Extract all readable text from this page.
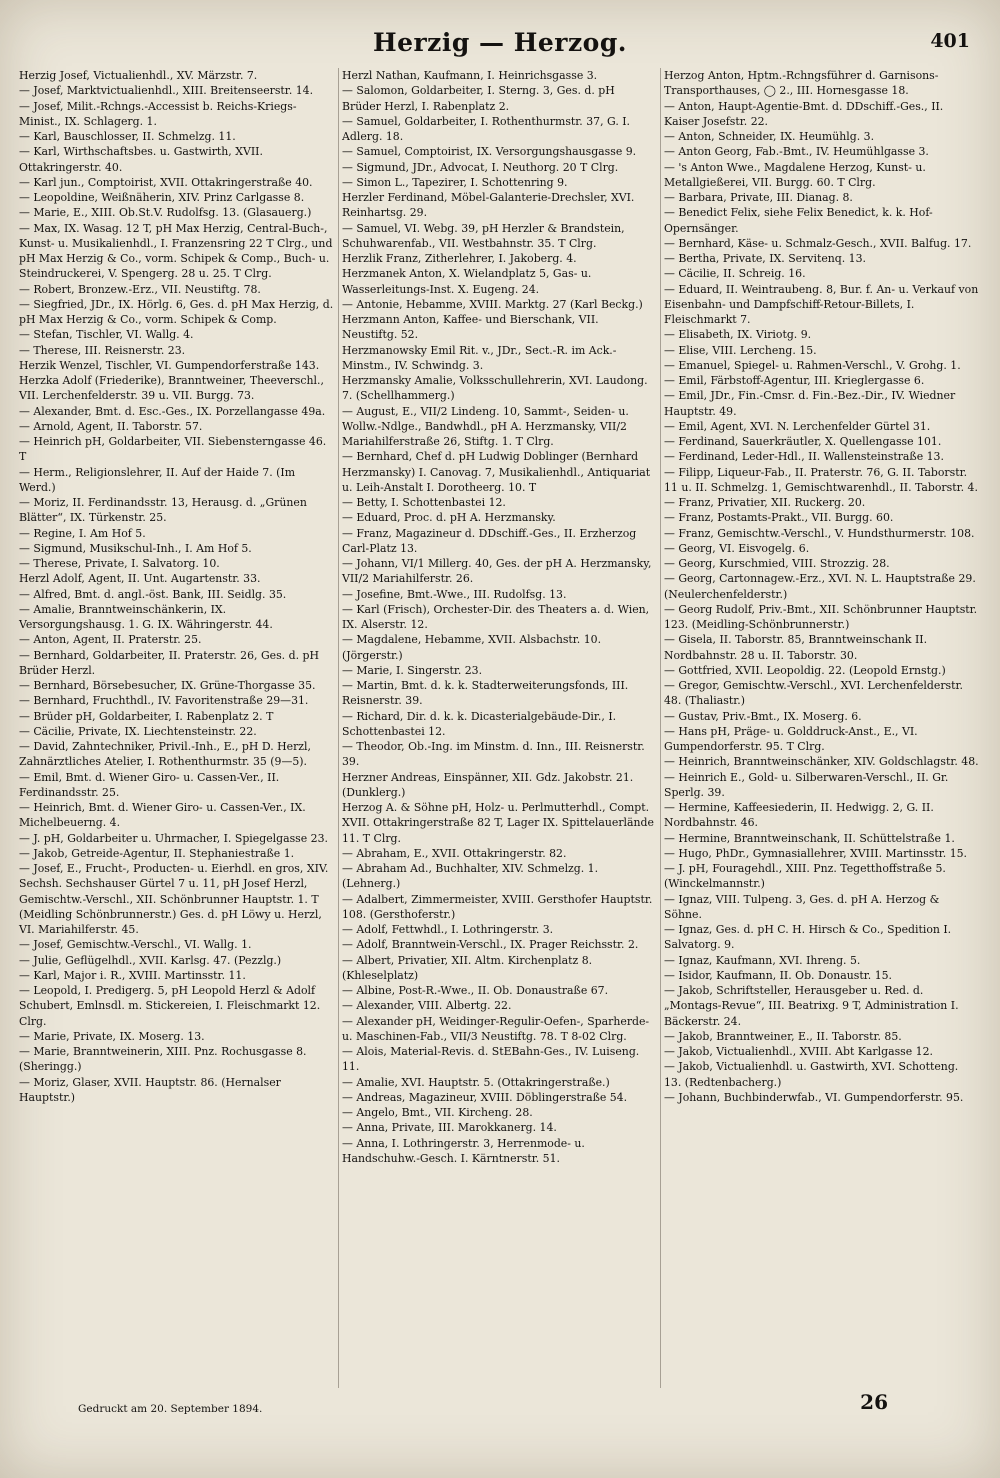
Herzig — Herzog.	401
Herzig Josef, Victualienhdl., XV. Märzstr. 7.
— Josef, Marktvictualienhdl., XIII. Breitenseerstr. 14.
— Josef, Milit.-Rchngs.-Accessist b. Reichs-Kriegs-Minist., IX. Schlagerg. 1.
— Karl, Bauschlosser, II. Schmelzg. 11.
— Karl, Wirthschaftsbes. u. Gastwirth, XVII. Ottakringerstr. 40.
— Karl jun., Comptoirist, XVII. Ottakringerstraße 40.
— Leopoldine, Weißnäherin, XIV. Prinz Carlgasse 8.
— Marie, E., XIII. Ob.St.V. Rudolfsg. 13. (Glasauerg.)
— Max, IX. Wasag. 12 T, pH Max Herzig, Central-Buch-, Kunst- u. Musikalienhdl., I. Franzensring 22 T Clrg., und pH Max Herzig & Co., vorm. Schipek & Comp., Buch- u. Steindruckerei, V. Spengerg. 28 u. 25. T Clrg.
— Robert, Bronzew.-Erz., VII. Neustiftg. 78.
— Siegfried, JDr., IX. Hörlg. 6, Ges. d. pH Max Herzig, d. pH Max Herzig & Co., vorm. Schipek & Comp.
— Stefan, Tischler, VI. Wallg. 4.
— Therese, III. Reisnerstr. 23.
Herzik Wenzel, Tischler, VI. Gumpendorferstraße 143.
Herzka Adolf (Friederike), Branntweiner, Theeverschl., VII. Lerchenfelderstr. 39 u. VII. Burgg. 73.
— Alexander, Bmt. d. Esc.-Ges., IX. Porzellangasse 49a.
— Arnold, Agent, II. Taborstr. 57.
— Heinrich pH, Goldarbeiter, VII. Siebensterngasse 46. T
— Herm., Religionslehrer, II. Auf der Haide 7. (Im Werd.)
— Moriz, II. Ferdinandsstr. 13, Herausg. d. „Grünen Blätter“, IX. Türkenstr. 25.
— Regine, I. Am Hof 5.
— Sigmund, Musikschul-Inh., I. Am Hof 5.
— Therese, Private, I. Salvatorg. 10.
Herzl Adolf, Agent, II. Unt. Augartenstr. 33.
— Alfred, Bmt. d. angl.-öst. Bank, III. Seidlg. 35.
— Amalie, Branntweinschänkerin, IX. Versorgungshausg. 1. G. IX. Währingerstr. 44.
— Anton, Agent, II. Praterstr. 25.
— Bernhard, Goldarbeiter, II. Praterstr. 26, Ges. d. pH Brüder Herzl.
— Bernhard, Börsebesucher, IX. Grüne-Thorgasse 35.
— Bernhard, Fruchthdl., IV. Favoritenstraße 29—31.
— Brüder pH, Goldarbeiter, I. Rabenplatz 2. T
— Cäcilie, Private, IX. Liechtensteinstr. 22.
— David, Zahntechniker, Privil.-Inh., E., pH D. Herzl, Zahnärztliches Atelier, I. Rothenthurmstr. 35 (9—5).
— Emil, Bmt. d. Wiener Giro- u. Cassen-Ver., II. Ferdinandsstr. 25.
— Heinrich, Bmt. d. Wiener Giro- u. Cassen-Ver., IX. Michelbeuerng. 4.
— J. pH, Goldarbeiter u. Uhrmacher, I. Spiegelgasse 23.
— Jakob, Getreide-Agentur, II. Stephaniestraße 1.
— Josef, E., Frucht-, Producten- u. Eierhdl. en gros, XIV. Sechsh. Sechshauser Gürtel 7 u. 11, pH Josef Herzl, Gemischtw.-Verschl., XII. Schönbrunner Hauptstr. 1. T (Meidling Schönbrunnerstr.) Ges. d. pH Löwy u. Herzl, VI. Mariahilferstr. 45.
— Josef, Gemischtw.-Verschl., VI. Wallg. 1.
— Julie, Geflügelhdl., XVII. Karlsg. 47. (Pezzlg.)
— Karl, Major i. R., XVIII. Martinsstr. 11.
— Leopold, I. Predigerg. 5, pH Leopold Herzl & Adolf Schubert, Emlnsdl. m. Stickereien, I. Fleischmarkt 12. Clrg.
— Marie, Private, IX. Moserg. 13.
— Marie, Branntweinerin, XIII. Pnz. Rochusgasse 8. (Sheringg.)
— Moriz, Glaser, XVII. Hauptstr. 86. (Hernalser Hauptstr.)
Herzl Nathan, Kaufmann, I. Heinrichsgasse 3.
— Salomon, Goldarbeiter, I. Sterng. 3, Ges. d. pH Brüder Herzl, I. Rabenplatz 2.
— Samuel, Goldarbeiter, I. Rothenthurmstr. 37, G. I. Adlerg. 18.
— Samuel, Comptoirist, IX. Versorgungshausgasse 9.
— Sigmund, JDr., Advocat, I. Neuthorg. 20 T Clrg.
— Simon L., Tapezirer, I. Schottenring 9.
Herzler Ferdinand, Möbel-Galanterie-Drechsler, XVI. Reinhartsg. 29.
— Samuel, VI. Webg. 39, pH Herzler & Brandstein, Schuhwarenfab., VII. Westbahnstr. 35. T Clrg.
Herzlik Franz, Zitherlehrer, I. Jakoberg. 4.
Herzmanek Anton, X. Wielandplatz 5, Gas- u. Wasserleitungs-Inst. X. Eugeng. 24.
— Antonie, Hebamme, XVIII. Marktg. 27 (Karl Beckg.)
Herzmann Anton, Kaffee- und Bierschank, VII. Neustiftg. 52.
Herzmanowsky Emil Rit. v., JDr., Sect.-R. im Ack.-Minstm., IV. Schwindg. 3.
Herzmansky Amalie, Volksschullehrerin, XVI. Laudong. 7. (Schellhammerg.)
— August, E., VII/2 Lindeng. 10, Sammt-, Seiden- u. Wollw.-Ndlge., Bandwhdl., pH A. Herzmansky, VII/2 Mariahilferstraße 26, Stiftg. 1. T Clrg.
— Bernhard, Chef d. pH Ludwig Doblinger (Bernhard Herzmansky) I. Canovag. 7, Musikalienhdl., Antiquariat u. Leih-Anstalt I. Dorotheerg. 10. T
— Betty, I. Schottenbastei 12.
— Eduard, Proc. d. pH A. Herzmansky.
— Franz, Magazineur d. DDschiff.-Ges., II. Erzherzog Carl-Platz 13.
— Johann, VI/1 Millerg. 40, Ges. der pH A. Herzmansky, VII/2 Mariahilferstr. 26.
— Josefine, Bmt.-Wwe., III. Rudolfsg. 13.
— Karl (Frisch), Orchester-Dir. des Theaters a. d. Wien, IX. Alserstr. 12.
— Magdalene, Hebamme, XVII. Alsbachstr. 10. (Jörgerstr.)
— Marie, I. Singerstr. 23.
— Martin, Bmt. d. k. k. Stadterweiterungsfonds, III. Reisnerstr. 39.
— Richard, Dir. d. k. k. Dicasterialgebäude-Dir., I. Schottenbastei 12.
— Theodor, Ob.-Ing. im Minstm. d. Inn., III. Reisnerstr. 39.
Herzner Andreas, Einspänner, XII. Gdz. Jakobstr. 21. (Dunklerg.)
Herzog A. & Söhne pH, Holz- u. Perlmutterhdl., Compt. XVII. Ottakringerstraße 82 T, Lager IX. Spittelauerlände 11. T Clrg.
— Abraham, E., XVII. Ottakringerstr. 82.
— Abraham Ad., Buchhalter, XIV. Schmelzg. 1. (Lehnerg.)
— Adalbert, Zimmermeister, XVIII. Gersthofer Hauptstr. 108. (Gersthoferstr.)
— Adolf, Fettwhdl., I. Lothringerstr. 3.
— Adolf, Branntwein-Verschl., IX. Prager Reichsstr. 2.
— Albert, Privatier, XII. Altm. Kirchenplatz 8. (Khleselplatz)
— Albine, Post-R.-Wwe., II. Ob. Donaustraße 67.
— Alexander, VIII. Albertg. 22.
— Alexander pH, Weidinger-Regulir-Oefen-, Sparherde- u. Maschinen-Fab., VII/3 Neustiftg. 78. T 8-02 Clrg.
— Alois, Material-Revis. d. StEBahn-Ges., IV. Luiseng. 11.
— Amalie, XVI. Hauptstr. 5. (Ottakringerstraße.)
— Andreas, Magazineur, XVIII. Döblingerstraße 54.
— Angelo, Bmt., VII. Kircheng. 28.
— Anna, Private, III. Marokkanerg. 14.
— Anna, I. Lothringerstr. 3, Herrenmode- u. Handschuhw.-Gesch. I. Kärntnerstr. 51.
Herzog Anton, Hptm.-Rchngsführer d. Garnisons-Transporthauses, ◯ 2., III. Hornesgasse 18.
— Anton, Haupt-Agentie-Bmt. d. DDschiff.-Ges., II. Kaiser Josefstr. 22.
— Anton, Schneider, IX. Heumühlg. 3.
— Anton Georg, Fab.-Bmt., IV. Heumühlgasse 3.
— 's Anton Wwe., Magdalene Herzog, Kunst- u. Metallgießerei, VII. Burgg. 60. T Clrg.
— Barbara, Private, III. Dianag. 8.
— Benedict Felix, siehe Felix Benedict, k. k. Hof-Opernsänger.
— Bernhard, Käse- u. Schmalz-Gesch., XVII. Balfug. 17.
— Bertha, Private, IX. Servitenq. 13.
— Cäcilie, II. Schreig. 16.
— Eduard, II. Weintraubeng. 8, Bur. f. An- u. Verkauf von Eisenbahn- und Dampfschiff-Retour-Billets, I. Fleischmarkt 7.
— Elisabeth, IX. Viriotg. 9.
— Elise, VIII. Lercheng. 15.
— Emanuel, Spiegel- u. Rahmen-Verschl., V. Grohg. 1.
— Emil, Färbstoff-Agentur, III. Krieglergasse 6.
— Emil, JDr., Fin.-Cmsr. d. Fin.-Bez.-Dir., IV. Wiedner Hauptstr. 49.
— Emil, Agent, XVI. N. Lerchenfelder Gürtel 31.
— Ferdinand, Sauerkräutler, X. Quellengasse 101.
— Ferdinand, Leder-Hdl., II. Wallensteinstraße 13.
— Filipp, Liqueur-Fab., II. Praterstr. 76, G. II. Taborstr. 11 u. II. Schmelzg. 1, Gemischtwarenhdl., II. Taborstr. 4.
— Franz, Privatier, XII. Ruckerg. 20.
— Franz, Postamts-Prakt., VII. Burgg. 60.
— Franz, Gemischtw.-Verschl., V. Hundsthurmerstr. 108.
— Georg, VI. Eisvogelg. 6.
— Georg, Kurschmied, VIII. Strozzig. 28.
— Georg, Cartonnagew.-Erz., XVI. N. L. Hauptstraße 29. (Neulerchenfelderstr.)
— Georg Rudolf, Priv.-Bmt., XII. Schönbrunner Hauptstr. 123. (Meidling-Schönbrunnerstr.)
— Gisela, II. Taborstr. 85, Branntweinschank II. Nordbahnstr. 28 u. II. Taborstr. 30.
— Gottfried, XVII. Leopoldig. 22. (Leopold Ernstg.)
— Gregor, Gemischtw.-Verschl., XVI. Lerchenfelderstr. 48. (Thaliastr.)
— Gustav, Priv.-Bmt., IX. Moserg. 6.
— Hans pH, Präge- u. Golddruck-Anst., E., VI. Gumpendorferstr. 95. T Clrg.
— Heinrich, Branntweinschänker, XIV. Goldschlagstr. 48.
— Heinrich E., Gold- u. Silberwaren-Verschl., II. Gr. Sperlg. 39.
— Hermine, Kaffeesiederin, II. Hedwigg. 2, G. II. Nordbahnstr. 46.
— Hermine, Branntweinschank, II. Schüttelstraße 1.
— Hugo, PhDr., Gymnasiallehrer, XVIII. Martinsstr. 15.
— J. pH, Fouragehdl., XIII. Pnz. Tegetthoffstraße 5. (Winckelmannstr.)
— Ignaz, VIII. Tulpeng. 3, Ges. d. pH A. Herzog & Söhne.
— Ignaz, Ges. d. pH C. H. Hirsch & Co., Spedition I. Salvatorg. 9.
— Ignaz, Kaufmann, XVI. Ihreng. 5.
— Isidor, Kaufmann, II. Ob. Donaustr. 15.
— Jakob, Schriftsteller, Herausgeber u. Red. d. „Montags-Revue“, III. Beatrixg. 9 T, Administration I. Bäckerstr. 24.
— Jakob, Branntweiner, E., II. Taborstr. 85.
— Jakob, Victualienhdl., XVIII. Abt Karlgasse 12.
— Jakob, Victualienhdl. u. Gastwirth, XVI. Schotteng. 13. (Redtenbacherg.)
— Johann, Buchbinderwfab., VI. Gumpendorferstr. 95.
Gedruckt am 20. September 1894.	26
